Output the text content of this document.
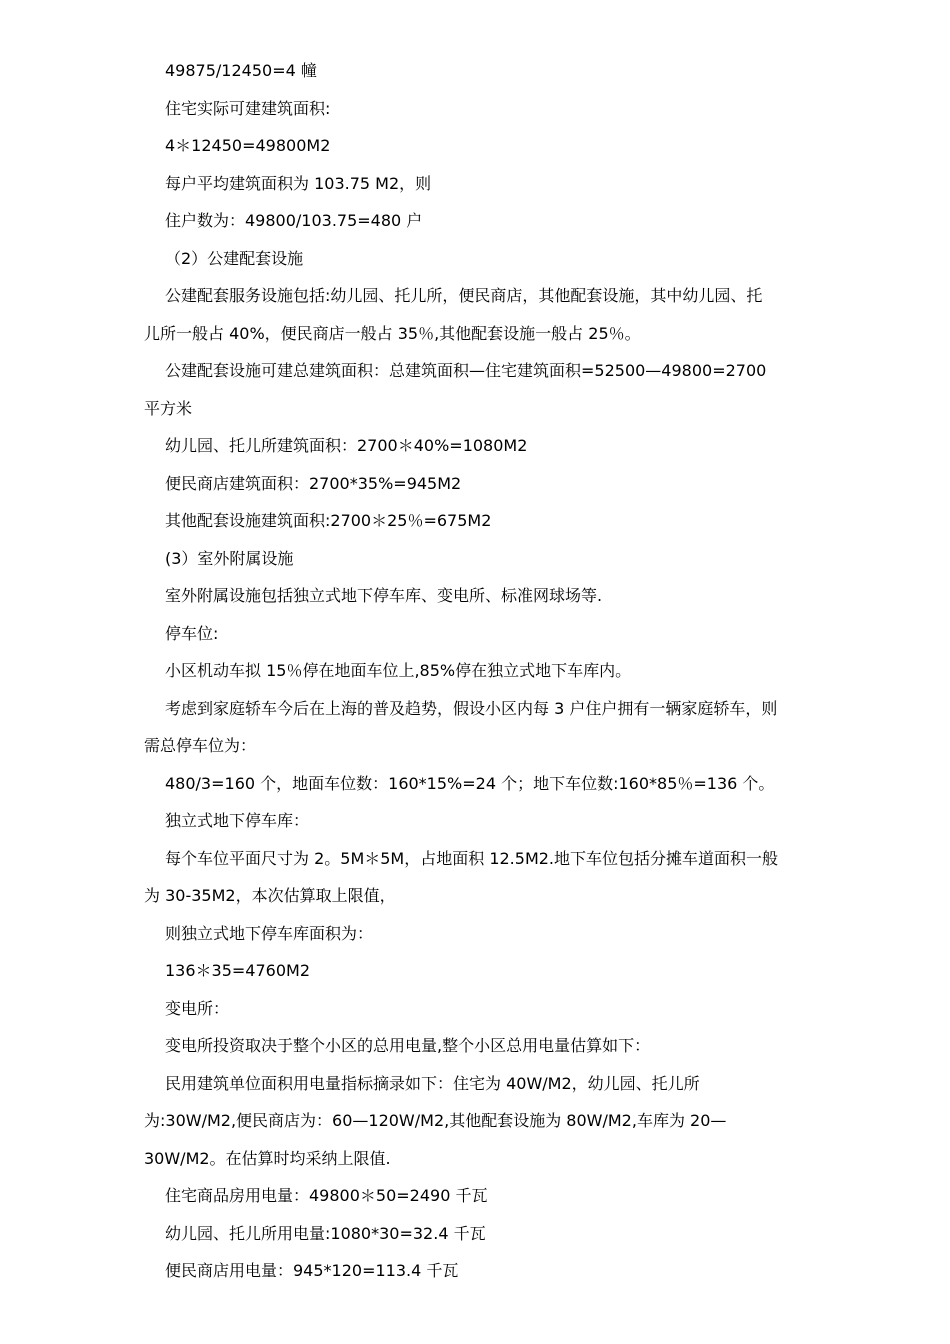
49875/12450=4 幢

住宅实际可建建筑面积:

4＊12450=49800M2

每户平均建筑面积为 103.75 M2，则

住户数为：49800/103.75=480 户

（2）公建配套设施

公建配套服务设施包括:幼儿园、托儿所，便民商店，其他配套设施，其中幼儿园、托

儿所一般占 40%，便民商店一般占 35％,其他配套设施一般占 25％。

公建配套设施可建总建筑面积：总建筑面积—住宅建筑面积=52500—49800=2700

平方米

幼儿园、托儿所建筑面积：2700＊40%=1080M2

便民商店建筑面积：2700*35%=945M2

其他配套设施建筑面积:2700＊25％=675M2

(3）室外附属设施

室外附属设施包括独立式地下停车库、变电所、标准网球场等.

停车位:

小区机动车拟 15％停在地面车位上,85%停在独立式地下车库内。

考虑到家庭轿车今后在上海的普及趋势，假设小区内每 3 户住户拥有一辆家庭轿车，则

需总停车位为：

480/3=160 个，地面车位数：160*15%=24 个；地下车位数:160*85％=136 个。

独立式地下停车库：

每个车位平面尺寸为 2。5M＊5M，占地面积 12.5M2.地下车位包括分摊车道面积一般

为 30-35M2，本次估算取上限值，

则独立式地下停车库面积为：

136＊35=4760M2

变电所：

变电所投资取决于整个小区的总用电量,整个小区总用电量估算如下：

民用建筑单位面积用电量指标摘录如下：住宅为 40W/M2，幼儿园、托儿所

为:30W/M2,便民商店为：60—120W/M2,其他配套设施为 80W/M2,车库为 20—

30W/M2。在估算时均采纳上限值.

住宅商品房用电量：49800＊50=2490 千瓦

幼儿园、托儿所用电量:1080*30=32.4 千瓦

便民商店用电量：945*120=113.4 千瓦
